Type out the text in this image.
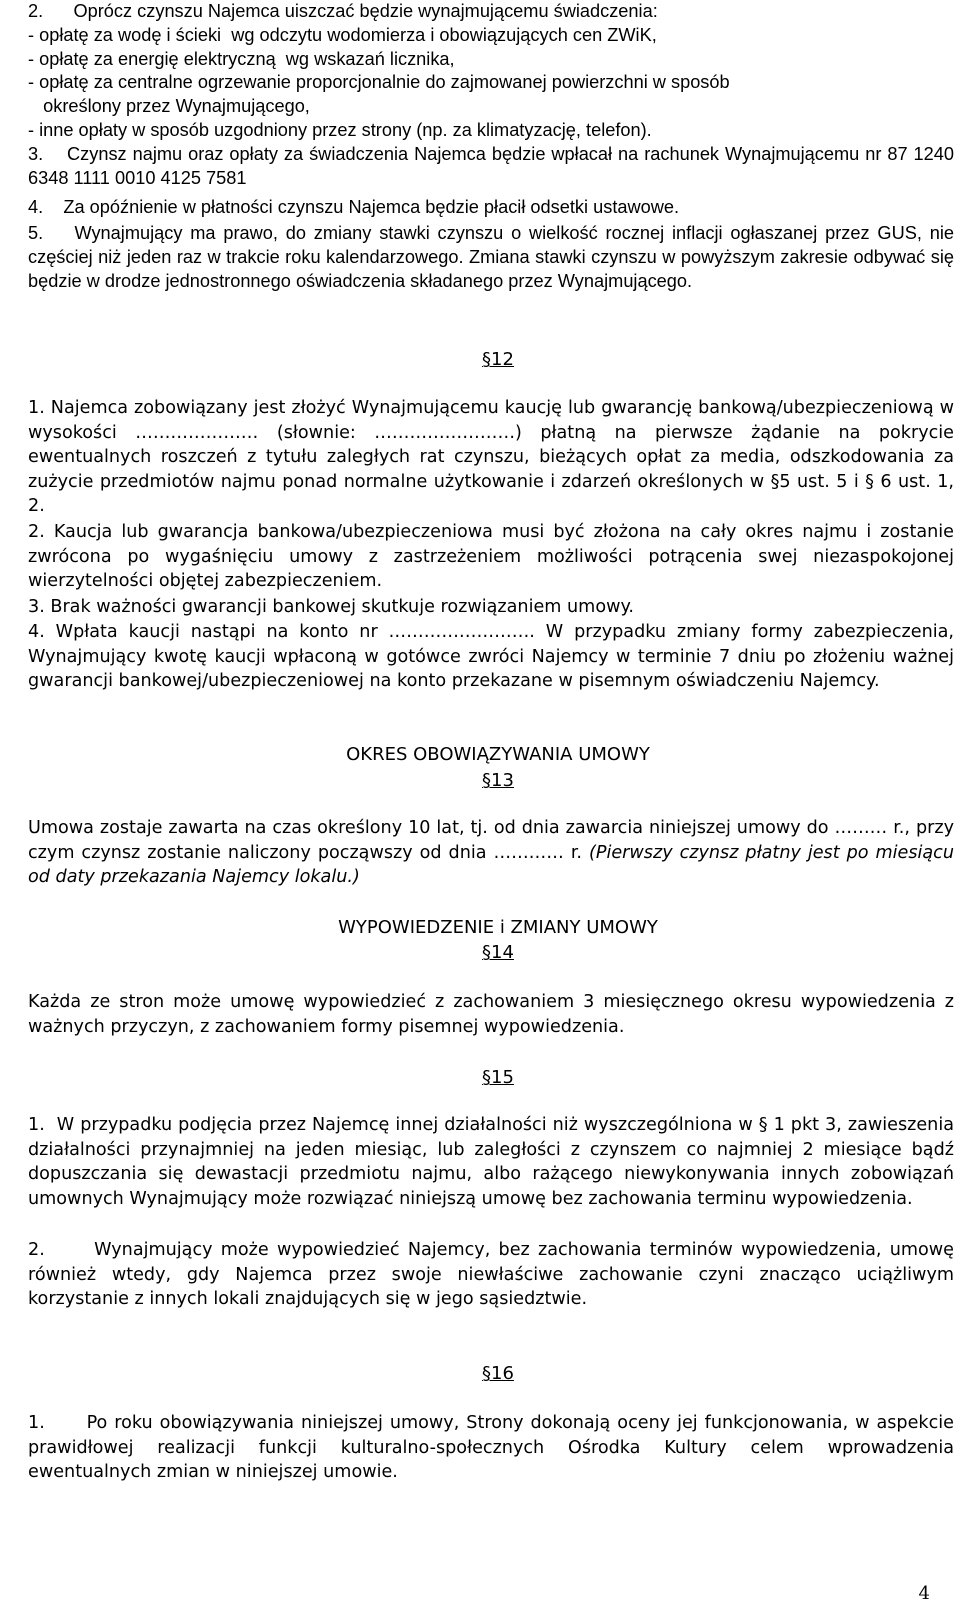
2.      Oprócz czynszu Najemca uiszczać będzie wynajmującemu świadczenia:
- opłatę za wodę i ścieki  wg odczytu wodomierza i obowiązujących cen ZWiK,
- opłatę za energię elektryczną  wg wskazań licznika,
- opłatę za centralne ogrzewanie proporcjonalnie do zajmowanej powierzchni w sposób
określony przez Wynajmującego,
- inne opłaty w sposób uzgodniony przez strony (np. za klimatyzację, telefon).

3.    Czynsz najmu oraz opłaty za świadczenia Najemca będzie wpłacał na rachunek Wynajmującemu nr 87 1240 6348 1111 0010 4125 7581

4.    Za opóźnienie w płatności czynszu Najemca będzie płacił odsetki ustawowe.

5.    Wynajmujący ma prawo, do zmiany stawki czynszu o wielkość rocznej inflacji ogłaszanej przez GUS, nie częściej niż jeden raz w trakcie roku kalendarzowego. Zmiana stawki czynszu w powyższym zakresie odbywać się będzie w drodze jednostronnego oświadczenia składanego przez Wynajmującego.

§12

1. Najemca zobowiązany jest złożyć Wynajmującemu kaucję lub gwarancję bankową/ubezpieczeniową w wysokości ………………… (słownie: ……………………) płatną na pierwsze żądanie na pokrycie ewentualnych roszczeń z tytułu zaległych rat czynszu, bieżących opłat za media, odszkodowania za zużycie przedmiotów najmu ponad normalne użytkowanie i zdarzeń określonych w §5 ust. 5 i § 6 ust. 1, 2.

2. Kaucja lub gwarancja bankowa/ubezpieczeniowa musi być złożona na cały okres najmu i zostanie zwrócona po wygaśnięciu umowy z zastrzeżeniem możliwości potrącenia swej niezaspokojonej wierzytelności objętej zabezpieczeniem.

3. Brak ważności gwarancji bankowej skutkuje rozwiązaniem umowy.

4. Wpłata kaucji nastąpi na konto nr ……………………. W przypadku zmiany formy zabezpieczenia, Wynajmujący kwotę kaucji wpłaconą w gotówce zwróci Najemcy w terminie 7 dniu po złożeniu ważnej gwarancji bankowej/ubezpieczeniowej na konto przekazane w pisemnym oświadczeniu Najemcy.

OKRES OBOWIĄZYWANIA UMOWY
§13

Umowa zostaje zawarta na czas określony 10 lat, tj. od dnia zawarcia niniejszej umowy do ……… r., przy czym czynsz zostanie naliczony począwszy od dnia ………… r. (Pierwszy czynsz płatny jest po miesiącu od daty przekazania Najemcy lokalu.)

WYPOWIEDZENIE i ZMIANY UMOWY
§14

Każda ze stron może umowę wypowiedzieć z zachowaniem 3 miesięcznego okresu wypowiedzenia z ważnych przyczyn, z zachowaniem formy pisemnej wypowiedzenia.

§15

1.  W przypadku podjęcia przez Najemcę innej działalności niż wyszczególniona w § 1 pkt 3, zawieszenia działalności przynajmniej na jeden miesiąc, lub zaległości z czynszem co najmniej 2 miesiące bądź dopuszczania się dewastacji przedmiotu najmu, albo rażącego niewykonywania innych zobowiązań umownych Wynajmujący może rozwiązać niniejszą umowę bez zachowania terminu wypowiedzenia.

2.      Wynajmujący może wypowiedzieć Najemcy, bez zachowania terminów wypowiedzenia, umowę również wtedy, gdy Najemca przez swoje niewłaściwe zachowanie czyni znacząco uciążliwym korzystanie z innych lokali znajdujących się w jego sąsiedztwie.

§16

1.      Po roku obowiązywania niniejszej umowy, Strony dokonają oceny jej funkcjonowania, w aspekcie prawidłowej realizacji funkcji kulturalno-społecznych Ośrodka Kultury celem wprowadzenia ewentualnych zmian w niniejszej umowie.

4
